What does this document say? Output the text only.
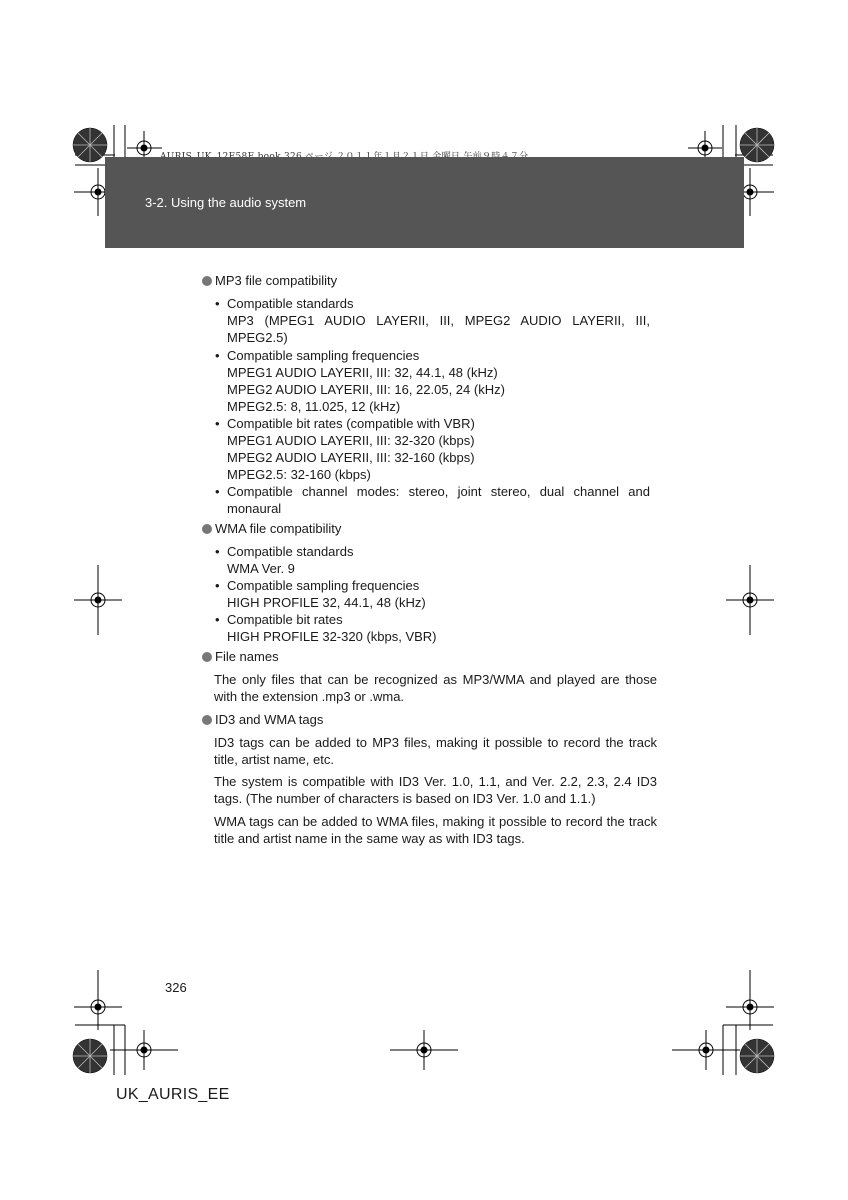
3-2. Using the audio system
MP3 file compatibility
• Compatible standards
MP3 (MPEG1 AUDIO LAYERII, III, MPEG2 AUDIO LAYERII, III, MPEG2.5)
• Compatible sampling frequencies
MPEG1 AUDIO LAYERII, III: 32, 44.1, 48 (kHz)
MPEG2 AUDIO LAYERII, III: 16, 22.05, 24 (kHz)
MPEG2.5: 8, 11.025, 12 (kHz)
• Compatible bit rates (compatible with VBR)
MPEG1 AUDIO LAYERII, III: 32-320 (kbps)
MPEG2 AUDIO LAYERII, III: 32-160 (kbps)
MPEG2.5: 32-160 (kbps)
• Compatible channel modes: stereo, joint stereo, dual channel and monaural
WMA file compatibility
• Compatible standards
WMA Ver. 9
• Compatible sampling frequencies
HIGH PROFILE 32, 44.1, 48 (kHz)
• Compatible bit rates
HIGH PROFILE 32-320 (kbps, VBR)
File names
The only files that can be recognized as MP3/WMA and played are those with the extension .mp3 or .wma.
ID3 and WMA tags
ID3 tags can be added to MP3 files, making it possible to record the track title, artist name, etc.
The system is compatible with ID3 Ver. 1.0, 1.1, and Ver. 2.2, 2.3, 2.4 ID3 tags. (The number of characters is based on ID3 Ver. 1.0 and 1.1.)
WMA tags can be added to WMA files, making it possible to record the track title and artist name in the same way as with ID3 tags.
326
UK_AURIS_EE
